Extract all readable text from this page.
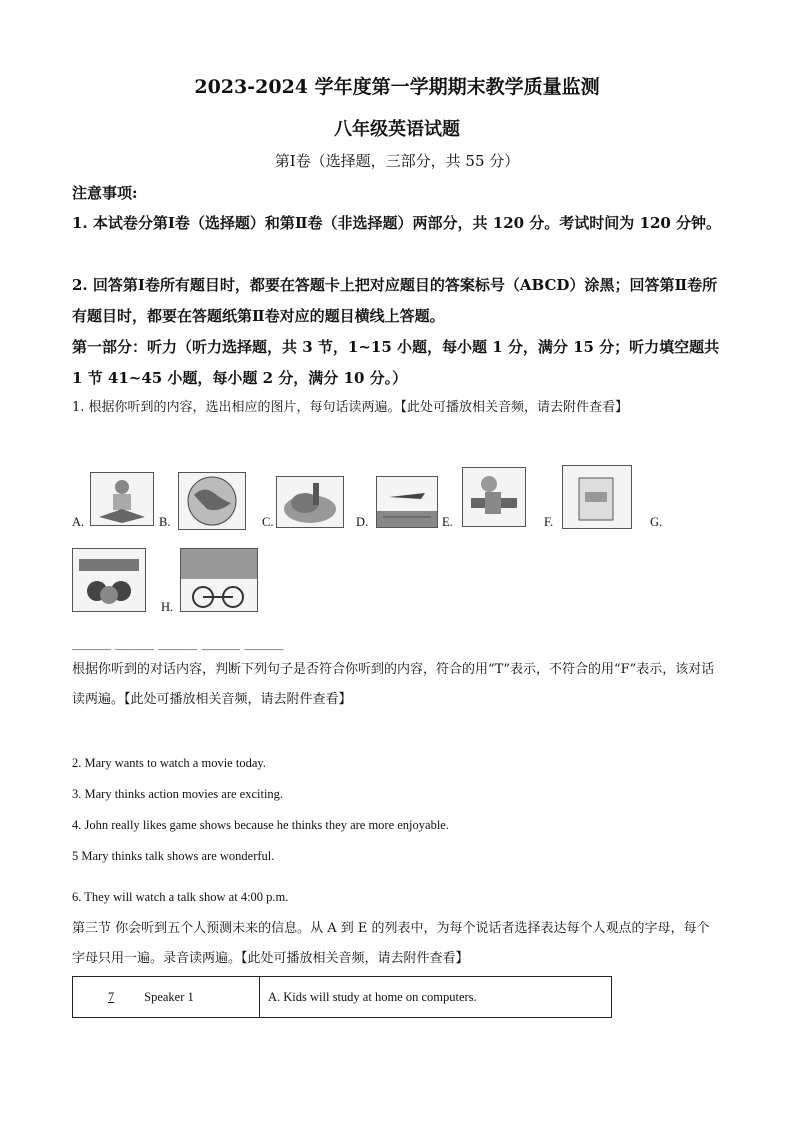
2023-2024 学年度第一学期期末教学质量监测
八年级英语试题
第Ⅰ卷（选择题，三部分，共 55 分）
注意事项:
1. 本试卷分第Ⅰ卷（选择题）和第Ⅱ卷（非选择题）两部分，共 120 分。考试时间为 120 分钟。
2. 回答第Ⅰ卷所有题目时，都要在答题卡上把对应题目的答案标号（ABCD）涂黑；回答第Ⅱ卷所有题目时，都要在答题纸第Ⅱ卷对应的题目横线上答题。
第一部分：听力（听力选择题，共 3 节，1~15 小题，每小题 1 分，满分 15 分；听力填空题共 1 节 41~45 小题，每小题 2 分，满分 10 分。）
1. 根据你听到的内容，选出相应的图片，每句话读两遍。【此处可播放相关音频，请去附件查看】
A.	B.	C.	D.	E.	F.	G.
H.
______ ______ ______ ______ ______
根据你听到的对话内容，判断下列句子是否符合你听到的内容，符合的用“T”表示，不符合的用“F”表示，该对话读两遍。【此处可播放相关音频，请去附件查看】
2. Mary wants to watch a movie today.
3. Mary thinks action movies are exciting.
4. John really likes game shows because he thinks they are more enjoyable.
5 Mary thinks talk shows are wonderful.
6. They will watch a talk show at 4:00 p.m.
第三节 你会听到五个人预测未来的信息。从 A 到 E 的列表中，为每个说话者选择表达每个人观点的字母，每个字母只用一遍。录音读两遍。【此处可播放相关音频，请去附件查看】
7 Speaker 1	A. Kids will study at home on computers.
